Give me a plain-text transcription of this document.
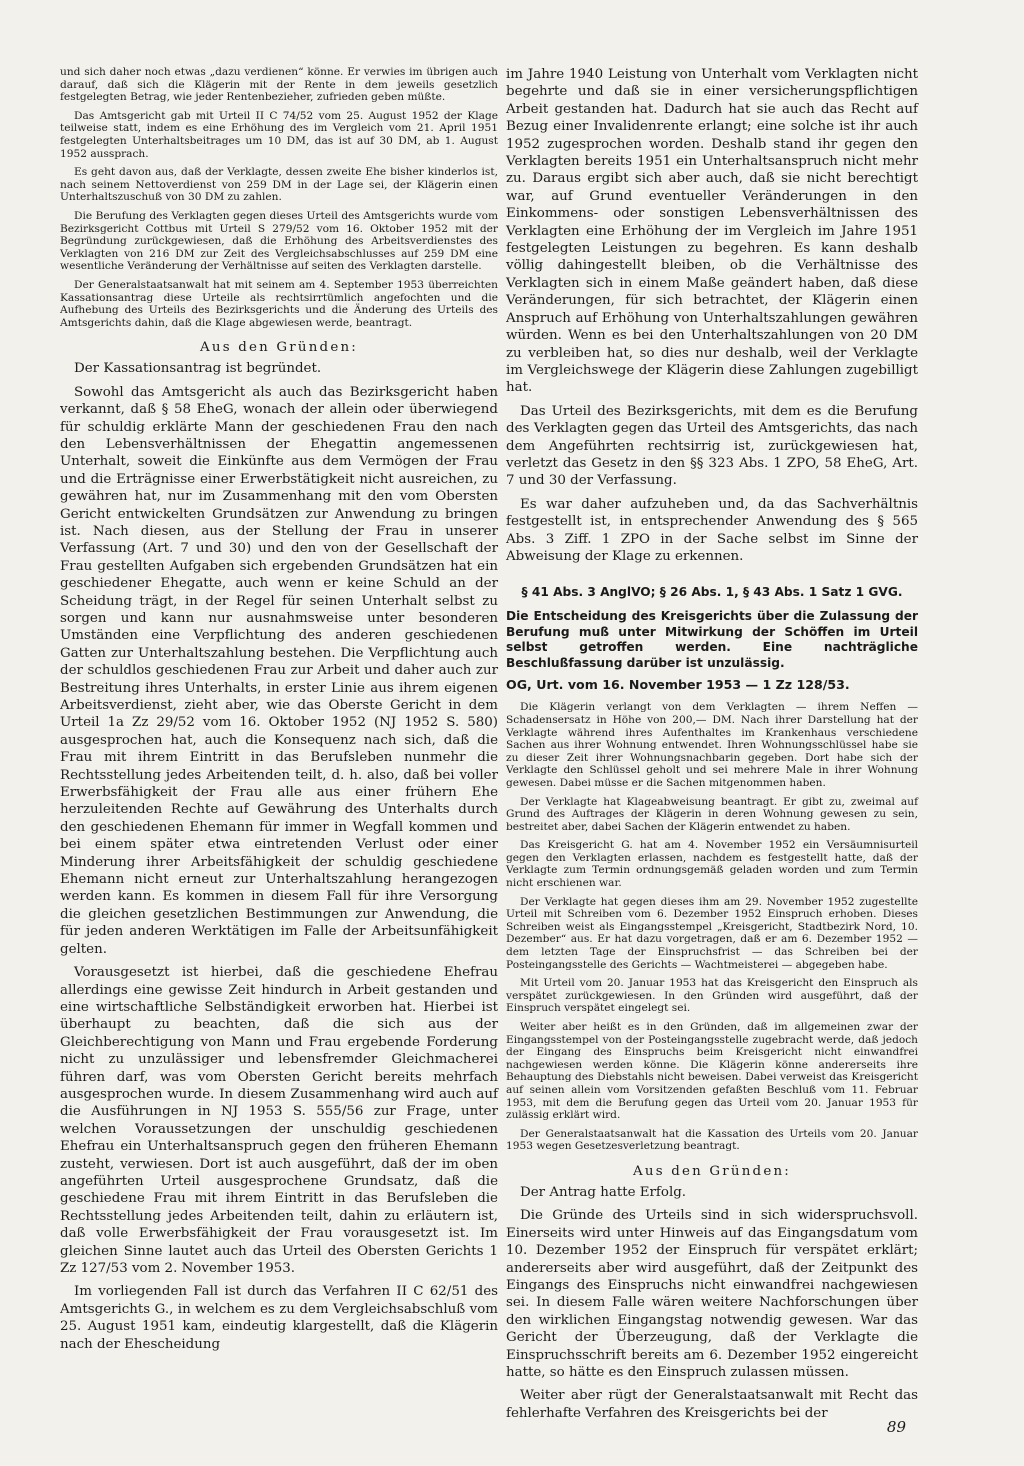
und sich daher noch etwas „dazu verdienen“ könne. Er verwies im übrigen auch darauf, daß sich die Klägerin mit der Rente in dem jeweils gesetzlich festgelegten Betrag, wie jeder Rentenbezieher, zufrieden geben müßte.

Das Amtsgericht gab mit Urteil II C 74/52 vom 25. August 1952 der Klage teilweise statt, indem es eine Erhöhung des im Vergleich vom 21. April 1951 festgelegten Unterhaltsbeitrages um 10 DM, das ist auf 30 DM, ab 1. August 1952 aussprach.

Es geht davon aus, daß der Verklagte, dessen zweite Ehe bisher kinderlos ist, nach seinem Nettoverdienst von 259 DM in der Lage sei, der Klägerin einen Unterhaltszuschuß von 30 DM zu zahlen.

Die Berufung des Verklagten gegen dieses Urteil des Amtsgerichts wurde vom Bezirksgericht Cottbus mit Urteil S 279/52 vom 16. Oktober 1952 mit der Begründung zurückgewiesen, daß die Erhöhung des Arbeitsverdienstes des Verklagten von 216 DM zur Zeit des Vergleichsabschlusses auf 259 DM eine wesentliche Veränderung der Verhältnisse auf seiten des Verklagten darstelle.

Der Generalstaatsanwalt hat mit seinem am 4. September 1953 überreichten Kassationsantrag diese Urteile als rechtsirrtümlich angefochten und die Aufhebung des Urteils des Bezirksgerichts und die Änderung des Urteils des Amtsgerichts dahin, daß die Klage abgewiesen werde, beantragt.

Aus den Gründen:

Der Kassationsantrag ist begründet.

Sowohl das Amtsgericht als auch das Bezirksgericht haben verkannt, daß § 58 EheG, wonach der allein oder überwiegend für schuldig erklärte Mann der geschiedenen Frau den nach den Lebensverhältnissen der Ehegattin angemessenen Unterhalt, soweit die Einkünfte aus dem Vermögen der Frau und die Erträgnisse einer Erwerbstätigkeit nicht ausreichen, zu gewähren hat, nur im Zusammenhang mit den vom Obersten Gericht entwickelten Grundsätzen zur Anwendung zu bringen ist. Nach diesen, aus der Stellung der Frau in unserer Verfassung (Art. 7 und 30) und den von der Gesellschaft der Frau gestellten Aufgaben sich ergebenden Grundsätzen hat ein geschiedener Ehegatte, auch wenn er keine Schuld an der Scheidung trägt, in der Regel für seinen Unterhalt selbst zu sorgen und kann nur ausnahmsweise unter besonderen Umständen eine Verpflichtung des anderen geschiedenen Gatten zur Unterhaltszahlung bestehen. Die Verpflichtung auch der schuldlos geschiedenen Frau zur Arbeit und daher auch zur Bestreitung ihres Unterhalts, in erster Linie aus ihrem eigenen Arbeitsverdienst, zieht aber, wie das Oberste Gericht in dem Urteil 1a Zz 29/52 vom 16. Oktober 1952 (NJ 1952 S. 580) ausgesprochen hat, auch die Konsequenz nach sich, daß die Frau mit ihrem Eintritt in das Berufsleben nunmehr die Rechtsstellung jedes Arbeitenden teilt, d. h. also, daß bei voller Erwerbsfähigkeit der Frau alle aus einer frühern Ehe herzuleitenden Rechte auf Gewährung des Unterhalts durch den geschiedenen Ehemann für immer in Wegfall kommen und bei einem später etwa eintretenden Verlust oder einer Minderung ihrer Arbeitsfähigkeit der schuldig geschiedene Ehemann nicht erneut zur Unterhaltszahlung herangezogen werden kann. Es kommen in diesem Fall für ihre Versorgung die gleichen gesetzlichen Bestimmungen zur Anwendung, die für jeden anderen Werktätigen im Falle der Arbeitsunfähigkeit gelten.

Vorausgesetzt ist hierbei, daß die geschiedene Ehefrau allerdings eine gewisse Zeit hindurch in Arbeit gestanden und eine wirtschaftliche Selbständigkeit erworben hat. Hierbei ist überhaupt zu beachten, daß die sich aus der Gleichberechtigung von Mann und Frau ergebende Forderung nicht zu unzulässiger und lebensfremder Gleichmacherei führen darf, was vom Obersten Gericht bereits mehrfach ausgesprochen wurde. In diesem Zusammenhang wird auch auf die Ausführungen in NJ 1953 S. 555/56 zur Frage, unter welchen Voraussetzungen der unschuldig geschiedenen Ehefrau ein Unterhaltsanspruch gegen den früheren Ehemann zusteht, verwiesen. Dort ist auch ausgeführt, daß der im oben angeführten Urteil ausgesprochene Grundsatz, daß die geschiedene Frau mit ihrem Eintritt in das Berufsleben die Rechtsstellung jedes Arbeitenden teilt, dahin zu erläutern ist, daß volle Erwerbsfähigkeit der Frau vorausgesetzt ist. Im gleichen Sinne lautet auch das Urteil des Obersten Gerichts 1 Zz 127/53 vom 2. November 1953.

Im vorliegenden Fall ist durch das Verfahren II C 62/51 des Amtsgerichts G., in welchem es zu dem Vergleichsabschluß vom 25. August 1951 kam, eindeutig klargestellt, daß die Klägerin nach der Ehescheidung

im Jahre 1940 Leistung von Unterhalt vom Verklagten nicht begehrte und daß sie in einer versicherungspflichtigen Arbeit gestanden hat. Dadurch hat sie auch das Recht auf Bezug einer Invalidenrente erlangt; eine solche ist ihr auch 1952 zugesprochen worden. Deshalb stand ihr gegen den Verklagten bereits 1951 ein Unterhaltsanspruch nicht mehr zu. Daraus ergibt sich aber auch, daß sie nicht berechtigt war, auf Grund eventueller Veränderungen in den Einkommens- oder sonstigen Lebensverhältnissen des Verklagten eine Erhöhung der im Vergleich im Jahre 1951 festgelegten Leistungen zu begehren. Es kann deshalb völlig dahingestellt bleiben, ob die Verhältnisse des Verklagten sich in einem Maße geändert haben, daß diese Veränderungen, für sich betrachtet, der Klägerin einen Anspruch auf Erhöhung von Unterhaltszahlungen gewähren würden. Wenn es bei den Unterhaltszahlungen von 20 DM zu verbleiben hat, so dies nur deshalb, weil der Verklagte im Vergleichswege der Klägerin diese Zahlungen zugebilligt hat.

Das Urteil des Bezirksgerichts, mit dem es die Berufung des Verklagten gegen das Urteil des Amtsgerichts, das nach dem Angeführten rechtsirrig ist, zurückgewiesen hat, verletzt das Gesetz in den §§ 323 Abs. 1 ZPO, 58 EheG, Art. 7 und 30 der Verfassung.

Es war daher aufzuheben und, da das Sachverhältnis festgestellt ist, in entsprechender Anwendung des § 565 Abs. 3 Ziff. 1 ZPO in der Sache selbst im Sinne der Abweisung der Klage zu erkennen.

§ 41 Abs. 3 AnglVO; § 26 Abs. 1, § 43 Abs. 1 Satz 1 GVG.
Die Entscheidung des Kreisgerichts über die Zulassung der Berufung muß unter Mitwirkung der Schöffen im Urteil selbst getroffen werden. Eine nachträgliche Beschlußfassung darüber ist unzulässig.
OG, Urt. vom 16. November 1953 — 1 Zz 128/53.

Die Klägerin verlangt von dem Verklagten — ihrem Neffen — Schadensersatz in Höhe von 200,— DM. Nach ihrer Darstellung hat der Verklagte während ihres Aufenthaltes im Krankenhaus verschiedene Sachen aus ihrer Wohnung entwendet. Ihren Wohnungsschlüssel habe sie zu dieser Zeit ihrer Wohnungsnachbarin gegeben. Dort habe sich der Verklagte den Schlüssel geholt und sei mehrere Male in ihrer Wohnung gewesen. Dabei müsse er die Sachen mitgenommen haben.

Der Verklagte hat Klageabweisung beantragt. Er gibt zu, zweimal auf Grund des Auftrages der Klägerin in deren Wohnung gewesen zu sein, bestreitet aber, dabei Sachen der Klägerin entwendet zu haben.

Das Kreisgericht G. hat am 4. November 1952 ein Versäumnisurteil gegen den Verklagten erlassen, nachdem es festgestellt hatte, daß der Verklagte zum Termin ordnungsgemäß geladen worden und zum Termin nicht erschienen war.

Der Verklagte hat gegen dieses ihm am 29. November 1952 zugestellte Urteil mit Schreiben vom 6. Dezember 1952 Einspruch erhoben. Dieses Schreiben weist als Eingangsstempel „Kreisgericht, Stadtbezirk Nord, 10. Dezember“ aus. Er hat dazu vorgetragen, daß er am 6. Dezember 1952 — dem letzten Tage der Einspruchsfrist — das Schreiben bei der Posteingangsstelle des Gerichts — Wachtmeisterei — abgegeben habe.

Mit Urteil vom 20. Januar 1953 hat das Kreisgericht den Einspruch als verspätet zurückgewiesen. In den Gründen wird ausgeführt, daß der Einspruch verspätet eingelegt sei.

Weiter aber heißt es in den Gründen, daß im allgemeinen zwar der Eingangsstempel von der Posteingangsstelle zugebracht werde, daß jedoch der Eingang des Einspruchs beim Kreisgericht nicht einwandfrei nachgewiesen werden könne. Die Klägerin könne andererseits ihre Behauptung des Diebstahls nicht beweisen. Dabei verweist das Kreisgericht auf seinen allein vom Vorsitzenden gefaßten Beschluß vom 11. Februar 1953, mit dem die Berufung gegen das Urteil vom 20. Januar 1953 für zulässig erklärt wird.

Der Generalstaatsanwalt hat die Kassation des Urteils vom 20. Januar 1953 wegen Gesetzesverletzung beantragt.

Aus den Gründen:

Der Antrag hatte Erfolg.

Die Gründe des Urteils sind in sich widerspruchsvoll. Einerseits wird unter Hinweis auf das Eingangsdatum vom 10. Dezember 1952 der Einspruch für verspätet erklärt; andererseits aber wird ausgeführt, daß der Zeitpunkt des Eingangs des Einspruchs nicht einwandfrei nachgewiesen sei. In diesem Falle wären weitere Nachforschungen über den wirklichen Eingangstag notwendig gewesen. War das Gericht der Überzeugung, daß der Verklagte die Einspruchsschrift bereits am 6. Dezember 1952 eingereicht hatte, so hätte es den Einspruch zulassen müssen.

Weiter aber rügt der Generalstaatsanwalt mit Recht das fehlerhafte Verfahren des Kreisgerichts bei der

89
